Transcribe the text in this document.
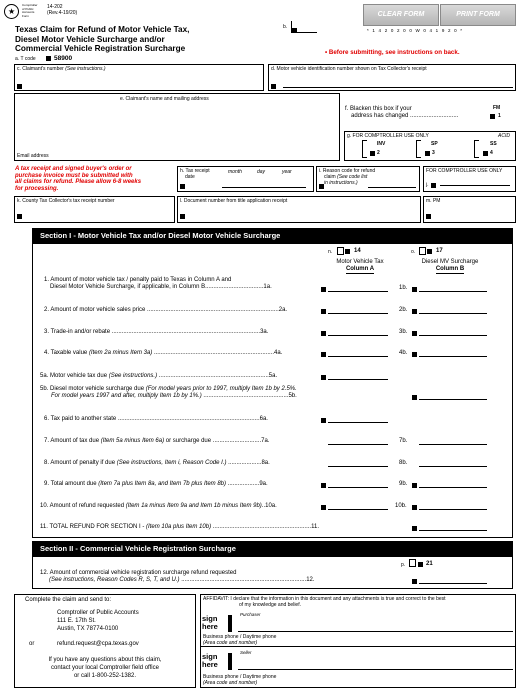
★
Comptroller
of Public
Accounts
Form
14-202
(Rev.4-19/20)
Texas Claim for Refund of Motor Vehicle Tax,
Diesel Motor Vehicle Surcharge and/or
Commercial Vehicle Registration Surcharge
b.
CLEAR FORM	PRINT FORM
* 1 4 2 0 2 0 0 W 0 4 1 9 2 0 *
• Before submitting, see instructions on back.
a. T code	58900
c. Claimant's number (See instructions.)	d. Motor vehicle identification number shown on Tax Collector's receipt
e. Claimant's name and mailing address
Email address
f. Blacken this box if your
address has changed .............................
FM
1
g. FOR COMPTROLLER USE ONLY	ACID
INV
2
SP
3
SS
4
A tax receipt and signed buyer's order or
purchase invoice must be submitted with
all claims for refund. Please allow 6-8 weeks
for processing.
h. Tax receipt
date
month	day	year	i. Reason code for refund
claim (See code list
in instructions.)
FOR COMPTROLLER USE ONLY
j.
k. County Tax Collector's tax receipt number	l. Document number from title application receipt	m. PM
Section I - Motor Vehicle Tax and/or Diesel Motor Vehicle Surcharge
n.	14	o.	17
Motor Vehicle Tax
Column A
Diesel MV Surcharge
Column B
1. Amount of motor vehicle tax / penalty paid to Texas in Column A and
Diesel Motor Vehicle Surcharge, if applicable, in Column B...................................1a.	1b.
2. Amount of motor vehicle sales price ...............................................................................2a.	2b.
3. Trade-in and/or rebate .........................................................................................3a.	3b.
4. Taxable value (Item 2a minus Item 3a) ........................................................................4a.	4b.
5a. Motor vehicle tax due (See instructions.) ..................................................................5a.
5b. Diesel motor vehicle surcharge due (For model years prior to 1997, multiply Item 1b by 2.5%.
For model years 1997 and after, multiply Item 1b by 1%.) ...................................................5b.
6. Tax paid to another state .....................................................................................6a.
7. Amount of tax due (Item 5a minus Item 6a) or surcharge due .............................7a.	7b.
8. Amount of penalty if due (See instructions, Item i, Reason Code I.) ....................8a.	8b.
9. Total amount due (Item 7a plus Item 8a, and Item 7b plus Item 8b) ...................9a.	9b.
10. Amount of refund requested (Item 1a minus Item 9a and Item 1b minus Item 9b)..10a.	10b.
11. TOTAL REFUND FOR SECTION I - (Item 10a plus Item 10b) ...........................................................11.
Section II - Commercial Vehicle Registration Surcharge
p.	21
12. Amount of commercial vehicle registration surcharge refund requested
(See instructions, Reason Codes R, S, T, and U.) ...........................................................................12.
Complete the claim and send to:
Comptroller of Public Accounts
111 E. 17th St.
Austin, TX 78774-0100
or	refund.request@cpa.texas.gov
If you have any questions about this claim,
contact your local Comptroller field office
or call 1-800-252-1382.
AFFIDAVIT: I declare that the information in this document and any attachments is true and correct to the best
of my knowledge and belief.
Purchaser
sign
here
Business phone / Daytime phone
(Area code and number)
Seller
sign
here
Business phone / Daytime phone
(Area code and number)
